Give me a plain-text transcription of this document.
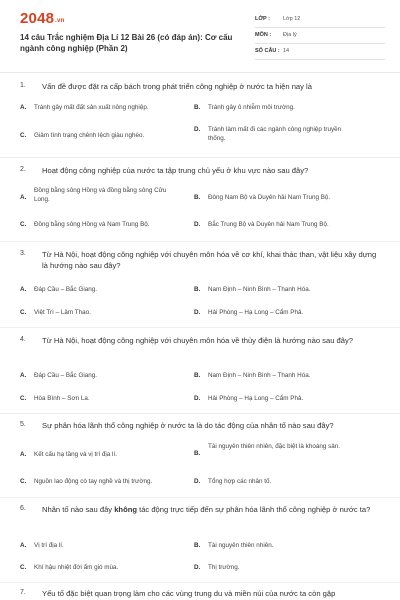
2048.vn
14 câu Trắc nghiệm Địa Lí 12 Bài 26 (có đáp án): Cơ cấu ngành công nghiệp (Phần 2)
LỚP : Lớp 12
MÔN : Địa lý
SỐ CÂU : 14
1. Vấn đề được đặt ra cấp bách trong phát triển công nghiệp ở nước ta hiện nay là
A. Tránh gây mất đất sản xuất nông nghiệp.	B. Tránh gây ô nhiễm môi trường.
C. Giảm tình trạng chênh lệch giàu nghèo.
D. Tránh làm mất đi các ngành công nghiệp truyền thống.
2. Hoạt động công nghiệp của nước ta tập trung chủ yếu ở khu vực nào sau đây?
A.
Đồng bằng sông Hồng và đồng bằng sông Cửu Long.	B. Đông Nam Bộ và Duyên hải Nam Trung Bộ.
C. Đồng bằng sông Hồng và Nam Trung Bộ.	D. Bắc Trung Bộ và Duyên hải Nam Trung Bộ.
3. Từ Hà Nội, hoạt động công nghiệp với chuyên môn hóa về cơ khí, khai thác than, vật liệu xây dựng là hướng nào sau đây?
A. Đáp Cầu – Bắc Giang.	B. Nam Định – Ninh Bình – Thanh Hóa.
C. Việt Trì – Lâm Thao.	D. Hải Phòng – Hạ Long – Cẩm Phả.
4. Từ Hà Nội, hoạt động công nghiệp với chuyên môn hóa về thủy điện là hướng nào sau đây?
A. Đáp Cầu – Bắc Giang.	B. Nam Định – Ninh Bình – Thanh Hóa.
C. Hòa Bình – Sơn La.	D. Hải Phòng – Hạ Long – Cẩm Phả.
5. Sự phân hóa lãnh thổ công nghiệp ở nước ta là do tác động của nhân tố nào sau đây?
A. Kết cấu hạ tầng và vị trí địa lí.	B.
Tài nguyên thiên nhiên, đặc biệt là khoáng sản.
C. Nguồn lao động có tay nghề và thị trường.	D. Tổng hợp các nhân tố.
6. Nhân tố nào sau đây không tác động trực tiếp đến sự phân hóa lãnh thổ công nghiệp ở nước ta?
A. Vị trí địa lí.	B. Tài nguyên thiên nhiên.
C. Khí hậu nhiệt đới ẩm gió mùa.	D. Thị trường.
7. Yếu tố đặc biệt quan trọng làm cho các vùng trung du và miền núi của nước ta còn gặp
